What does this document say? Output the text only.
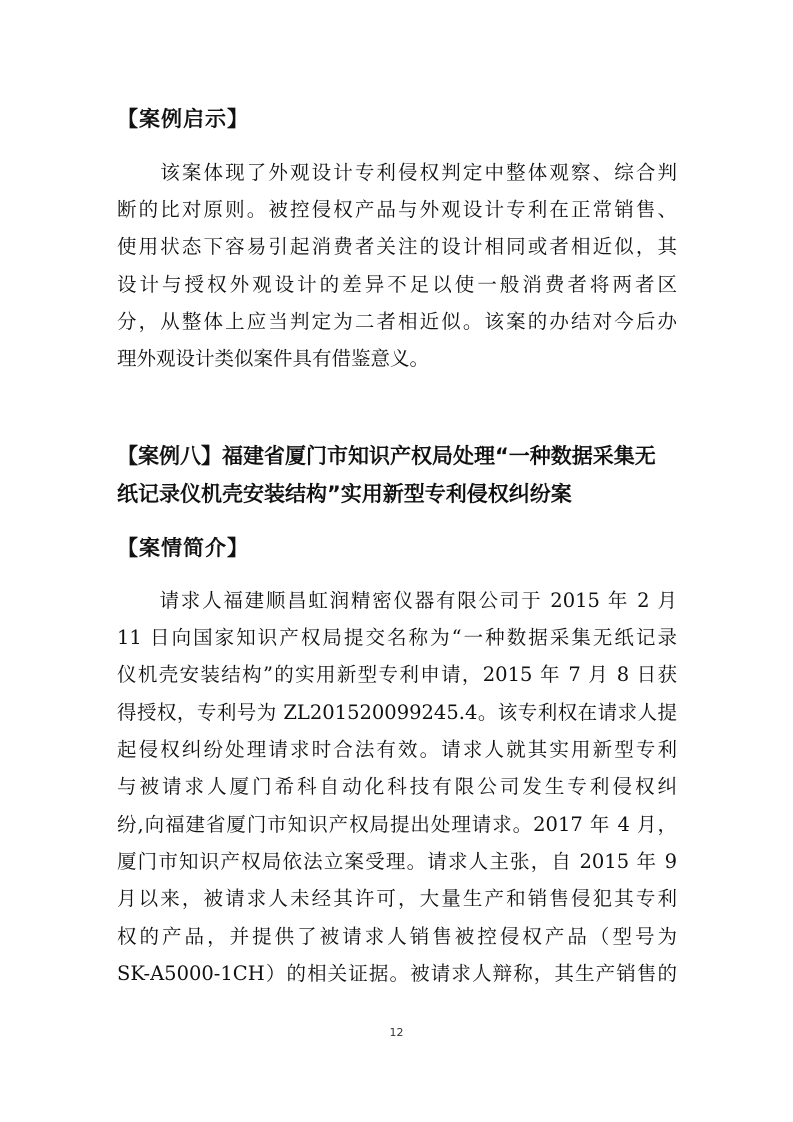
【案例启示】
　　该案体现了外观设计专利侵权判定中整体观察、综合判
断的比对原则。被控侵权产品与外观设计专利在正常销售、
使用状态下容易引起消费者关注的设计相同或者相近似，其
设计与授权外观设计的差异不足以使一般消费者将两者区
分，从整体上应当判定为二者相近似。该案的办结对今后办
理外观设计类似案件具有借鉴意义。
【案例八】福建省厦门市知识产权局处理“一种数据采集无
纸记录仪机壳安装结构”实用新型专利侵权纠纷案
【案情简介】
　　请求人福建顺昌虹润精密仪器有限公司于 2015 年 2 月
11 日向国家知识产权局提交名称为“一种数据采集无纸记录
仪机壳安装结构”的实用新型专利申请，2015 年 7 月 8 日获
得授权，专利号为 ZL201520099245.4。该专利权在请求人提
起侵权纠纷处理请求时合法有效。请求人就其实用新型专利
与被请求人厦门希科自动化科技有限公司发生专利侵权纠
纷,向福建省厦门市知识产权局提出处理请求。2017 年 4 月，
厦门市知识产权局依法立案受理。请求人主张，自 2015 年 9
月以来，被请求人未经其许可，大量生产和销售侵犯其专利
权的产品，并提供了被请求人销售被控侵权产品（型号为
SK-A5000-1CH）的相关证据。被请求人辩称，其生产销售的
12
